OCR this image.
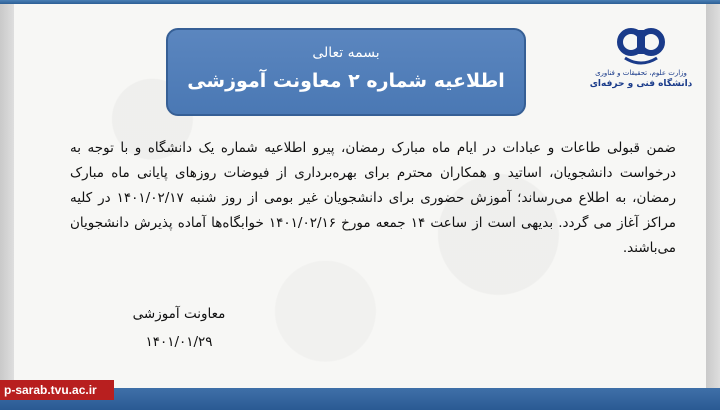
بسمه تعالی
اطلاعیه شماره ۲ معاونت آموزشی	وزارت علوم، تحقیقات و فناوری
دانشگاه فنی و حرفه‌ای
ضمن قبولی طاعات و عبادات در ایام ماه مبارک رمضان، پیرو اطلاعیه شماره یک دانشگاه و با توجه به درخواست دانشجویان، اساتید و همکاران محترم برای بهره‌برداری از فیوضات روزهای پایانی ماه مبارک رمضان، به اطلاع می‌رساند؛ آموزش حضوری برای دانشجویان غیر بومی از روز شنبه ۱۴۰۱/۰۲/۱۷ در کلیه مراکز آغاز می گردد. بدیهی است از ساعت ۱۴ جمعه مورخ ۱۴۰۱/۰۲/۱۶ خوابگاه‌ها آماده پذیرش دانشجویان می‌باشند.
معاونت آموزشی
۱۴۰۱/۰۱/۲۹
p-sarab.tvu.ac.ir
